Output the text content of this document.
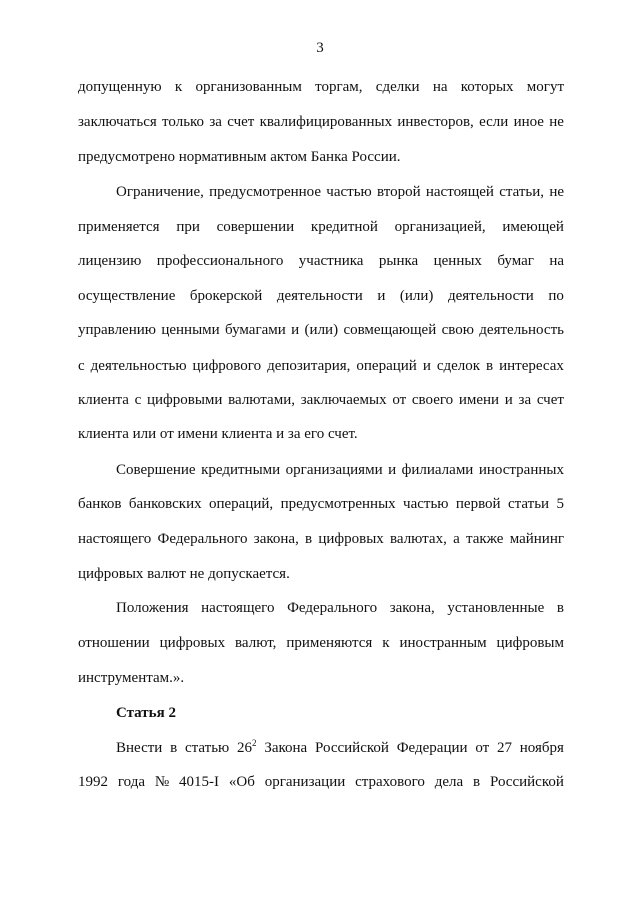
3
допущенную к организованным торгам, сделки на которых могут
заключаться только за счет квалифицированных инвесторов, если иное не
предусмотрено нормативным актом Банка России.
Ограничение, предусмотренное частью второй настоящей статьи, не
применяется при совершении кредитной организацией, имеющей
лицензию профессионального участника рынка ценных бумаг на
осуществление брокерской деятельности и (или) деятельности по
управлению ценными бумагами и (или) совмещающей свою деятельность
с деятельностью цифрового депозитария, операций и сделок в интересах
клиента с цифровыми валютами, заключаемых от своего имени и за счет
клиента или от имени клиента и за его счет.
Совершение кредитными организациями и филиалами иностранных
банков банковских операций, предусмотренных частью первой статьи 5
настоящего Федерального закона, в цифровых валютах, а также майнинг
цифровых валют не допускается.
Положения настоящего Федерального закона, установленные в
отношении цифровых валют, применяются к иностранным цифровым
инструментам.».
Статья 2
Внести в статью $26^2$ Закона Российской Федерации от 27 ноября
1992 года № 4015-I «Об организации страхового дела в Российской
